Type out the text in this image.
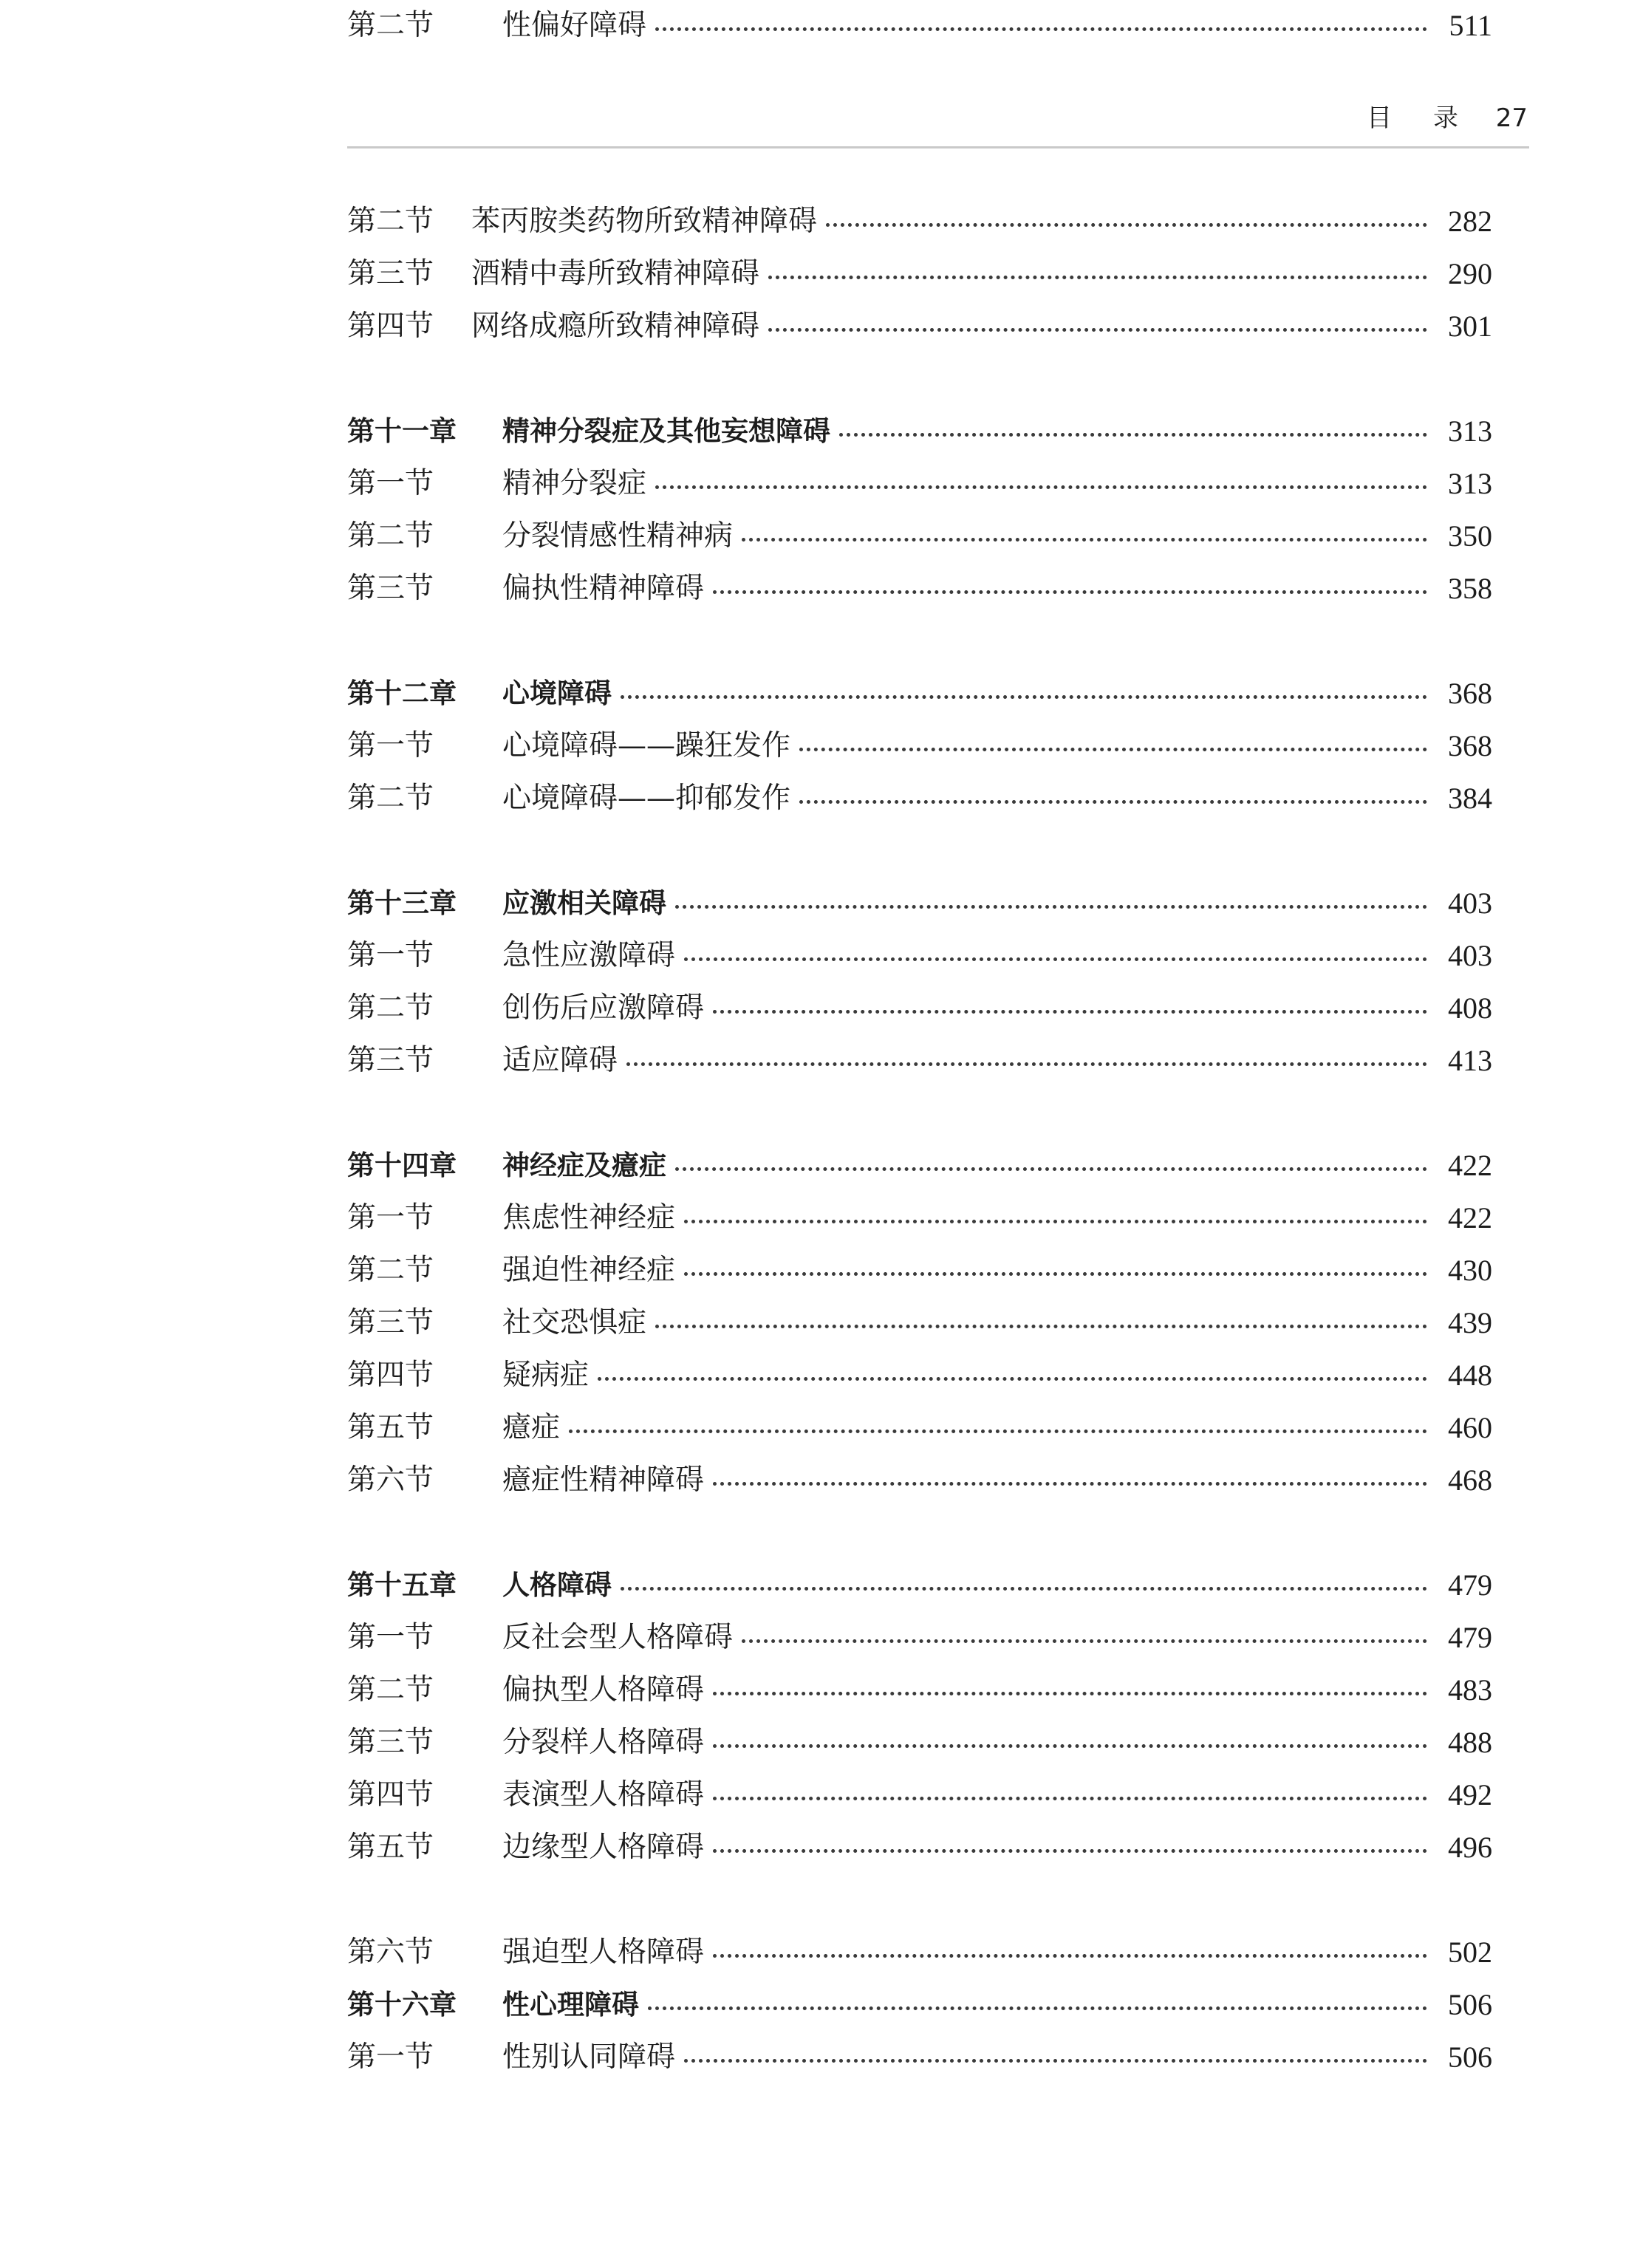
目 录 27
第二节	苯丙胺类药物所致精神障碍	282
第三节	酒精中毒所致精神障碍	290
第四节	网络成瘾所致精神障碍	301
第十一章	精神分裂症及其他妄想障碍	313
第一节	精神分裂症	313
第二节	分裂情感性精神病	350
第三节	偏执性精神障碍	358
第十二章	心境障碍	368
第一节	心境障碍——躁狂发作	368
第二节	心境障碍——抑郁发作	384
第十三章	应激相关障碍	403
第一节	急性应激障碍	403
第二节	创伤后应激障碍	408
第三节	适应障碍	413
第十四章	神经症及癔症	422
第一节	焦虑性神经症	422
第二节	强迫性神经症	430
第三节	社交恐惧症	439
第四节	疑病症	448
第五节	癔症	460
第六节	癔症性精神障碍	468
第十五章	人格障碍	479
第一节	反社会型人格障碍	479
第二节	偏执型人格障碍	483
第三节	分裂样人格障碍	488
第四节	表演型人格障碍	492
第五节	边缘型人格障碍	496
第六节	强迫型人格障碍	502
第十六章	性心理障碍	506
第一节	性别认同障碍	506
第二节	性偏好障碍	511
